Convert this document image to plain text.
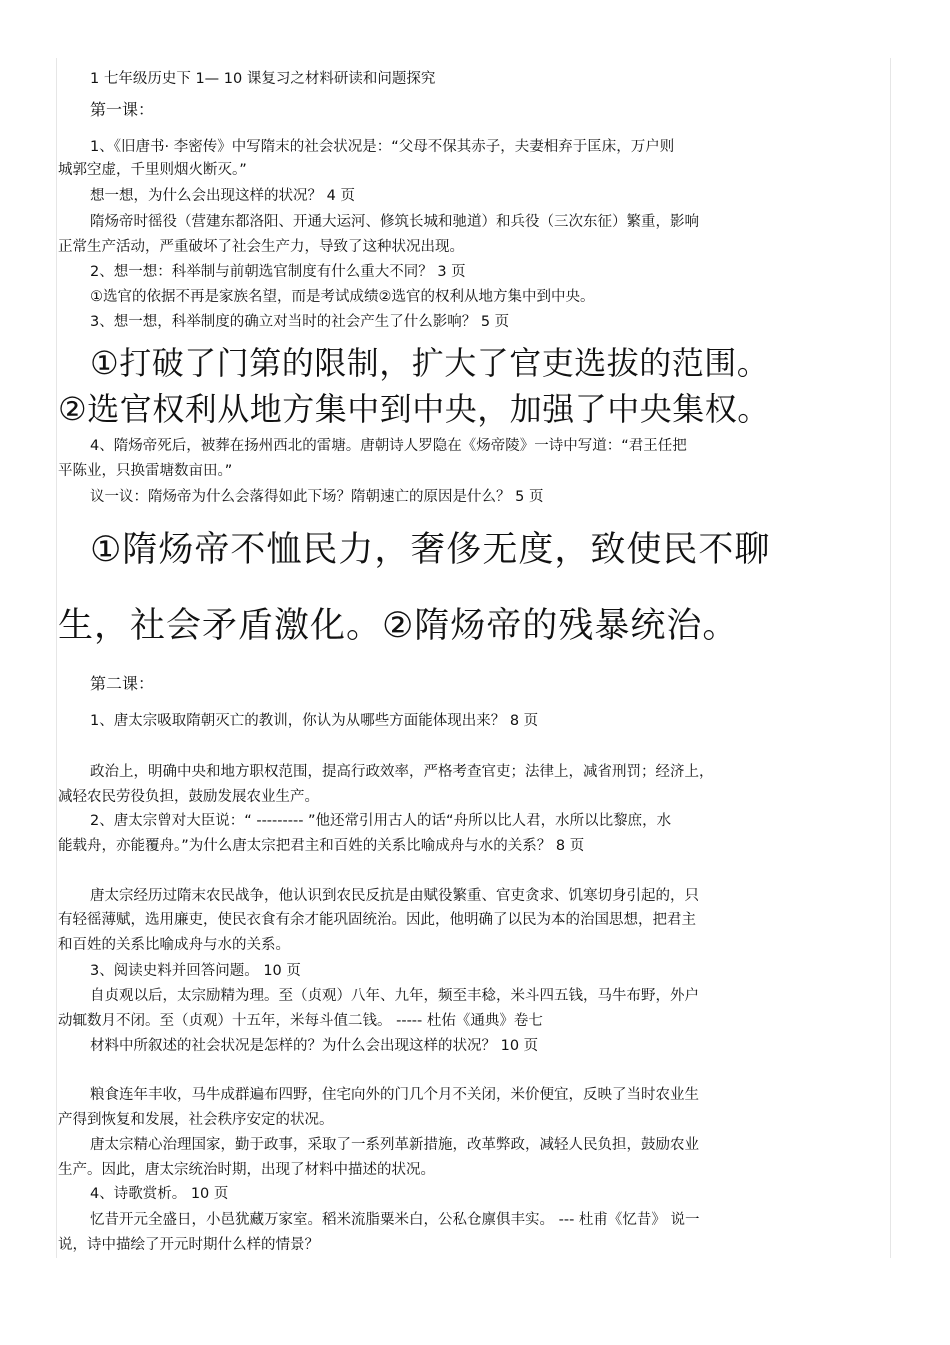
1 七年级历史下 1— 10 课复习之材料研读和问题探究
第一课：
1、《旧唐书· 李密传》中写隋末的社会状况是：“父母不保其赤子，夫妻相弃于匡床，万户则
城郭空虚，千里则烟火断灭。”
想一想，为什么会出现这样的状况？ 4 页
隋炀帝时徭役（营建东都洛阳、开通大运河、修筑长城和驰道）和兵役（三次东征）繁重，影响
正常生产活动，严重破坏了社会生产力，导致了这种状况出现。
2、想一想：科举制与前朝选官制度有什么重大不同？ 3 页
①选官的依据不再是家族名望，而是考试成绩②选官的权利从地方集中到中央。
3、想一想，科举制度的确立对当时的社会产生了什么影响？ 5 页
①打破了门第的限制，扩大了官吏选拔的范围。
②选官权利从地方集中到中央，加强了中央集权。
4、隋炀帝死后，被葬在扬州西北的雷塘。唐朝诗人罗隐在《炀帝陵》一诗中写道：“君王任把
平陈业，只换雷塘数亩田。”
议一议：隋炀帝为什么会落得如此下场？隋朝速亡的原因是什么？ 5 页
①隋炀帝不恤民力，奢侈无度，致使民不聊
生，社会矛盾激化。②隋炀帝的残暴统治。
第二课：
1、唐太宗吸取隋朝灭亡的教训，你认为从哪些方面能体现出来？ 8 页
政治上，明确中央和地方职权范围，提高行政效率，严格考查官吏；法律上，减省刑罚；经济上，
减轻农民劳役负担，鼓励发展农业生产。
2、唐太宗曾对大臣说：“ --------- ”他还常引用古人的话“舟所以比人君，水所以比黎庶，水
能载舟，亦能覆舟。”为什么唐太宗把君主和百姓的关系比喻成舟与水的关系？ 8 页
唐太宗经历过隋末农民战争，他认识到农民反抗是由赋役繁重、官吏贪求、饥寒切身引起的，只
有轻徭薄赋，选用廉吏，使民衣食有余才能巩固统治。因此，他明确了以民为本的治国思想，把君主
和百姓的关系比喻成舟与水的关系。
3、阅读史料并回答问题。 10 页
自贞观以后，太宗励精为理。至（贞观）八年、九年，频至丰稔，米斗四五钱，马牛布野，外户
动辄数月不闭。至（贞观）十五年，米每斗值二钱。 ----- 杜佑《通典》卷七
材料中所叙述的社会状况是怎样的？为什么会出现这样的状况？ 10 页
粮食连年丰收，马牛成群遍布四野，住宅向外的门几个月不关闭，米价便宜，反映了当时农业生
产得到恢复和发展，社会秩序安定的状况。
唐太宗精心治理国家，勤于政事，采取了一系列革新措施，改革弊政，减轻人民负担，鼓励农业
生产。因此，唐太宗统治时期，出现了材料中描述的状况。
4、诗歌赏析。 10 页
忆昔开元全盛日，小邑犹藏万家室。稻米流脂粟米白，公私仓廪俱丰实。 --- 杜甫《忆昔》 说一
说，诗中描绘了开元时期什么样的情景？
